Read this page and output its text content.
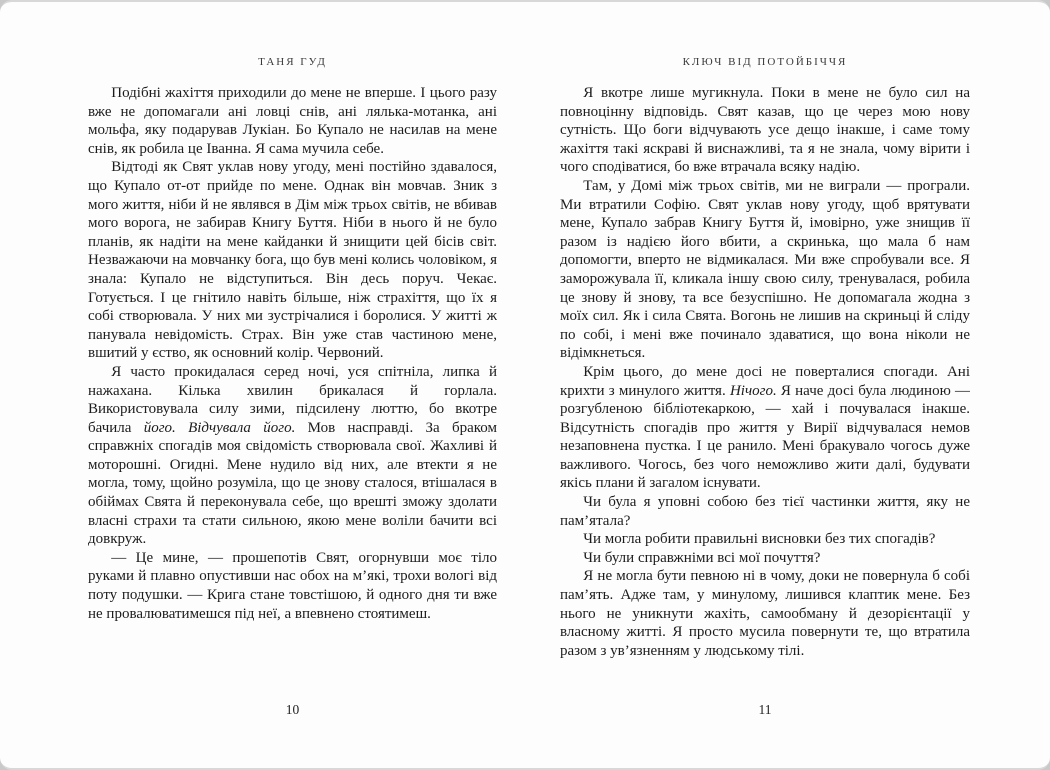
ТАНЯ ГУД

Подібні жахіття приходили до мене не вперше. І цього разу вже не допомагали ані ловці снів, ані лялька-мотанка, ані мольфа, яку подарував Лукіан. Бо Купало не насилав на мене снів, як робила це Іванна. Я сама мучила себе.

Відтоді як Свят уклав нову угоду, мені постійно здавалося, що Купало от-от прийде по мене. Однак він мовчав. Зник з мого життя, ніби й не являвся в Дім між трьох світів, не вбивав мого ворога, не забирав Книгу Буття. Ніби в нього й не було планів, як надіти на мене кайданки й знищити цей бісів світ. Незважаючи на мовчанку бога, що був мені колись чоловіком, я знала: Купало не відступиться. Він десь поруч. Чекає. Готується. І це гнітило навіть більше, ніж страхіття, що їх я собі створювала. У них ми зустрічалися і боролися. У житті ж панувала невідомість. Страх. Він уже став частиною мене, вшитий у єство, як основний колір. Червоний.

Я часто прокидалася серед ночі, уся спітніла, липка й нажахана. Кілька хвилин брикалася й горлала. Використовувала силу зими, підсилену люттю, бо вкотре бачила його. Відчувала його. Мов насправді. За браком справжніх спогадів моя свідомість створювала свої. Жахливі й моторошні. Огидні. Мене нудило від них, але втекти я не могла, тому, щойно розуміла, що це знову сталося, втішалася в обіймах Свята й переконувала себе, що врешті зможу здолати власні страхи та стати сильною, якою мене воліли бачити всі довкруж.

— Це мине, — прошепотів Свят, огорнувши моє тіло руками й плавно опустивши нас обох на м’які, трохи вологі від поту подушки. — Крига стане товстішою, й одного дня ти вже не провалюватимешся під неї, а впевнено стоятимеш.

10
КЛЮЧ ВІД ПОТОЙБІЧЧЯ

Я вкотре лише мугикнула. Поки в мене не було сил на повноцінну відповідь. Свят казав, що це через мою нову сутність. Що боги відчувають усе дещо інакше, і саме тому жахіття такі яскраві й виснажливі, та я не знала, чому вірити і чого сподіватися, бо вже втрачала всяку надію.

Там, у Домі між трьох світів, ми не виграли — програли. Ми втратили Софію. Свят уклав нову угоду, щоб врятувати мене, Купало забрав Книгу Буття й, імовірно, уже знищив її разом із надією його вбити, а скринька, що мала б нам допомогти, вперто не відмикалася. Ми вже спробували все. Я заморожувала її, кликала іншу свою силу, тренувалася, робила це знову й знову, та все безуспішно. Не допомагала жодна з моїх сил. Як і сила Свята. Вогонь не лишив на скриньці й сліду по собі, і мені вже починало здаватися, що вона ніколи не відімкнеться.

Крім цього, до мене досі не поверталися спогади. Ані крихти з минулого життя. Нічого. Я наче досі була людиною — розгубленою бібліотекаркою, — хай і почувалася інакше. Відсутність спогадів про життя у Вирії відчувалася немов незаповнена пустка. І це ранило. Мені бракувало чогось дуже важливого. Чогось, без чого неможливо жити далі, будувати якісь плани й загалом існувати.

Чи була я уповні собою без тієї частинки життя, яку не пам’ятала?

Чи могла робити правильні висновки без тих спогадів?

Чи були справжніми всі мої почуття?

Я не могла бути певною ні в чому, доки не повернула б собі пам’ять. Адже там, у минулому, лишився клаптик мене. Без нього не уникнути жахіть, самообману й дезорієнтації у власному житті. Я просто мусила повернути те, що втратила разом з ув’язненням у людському тілі.

11
